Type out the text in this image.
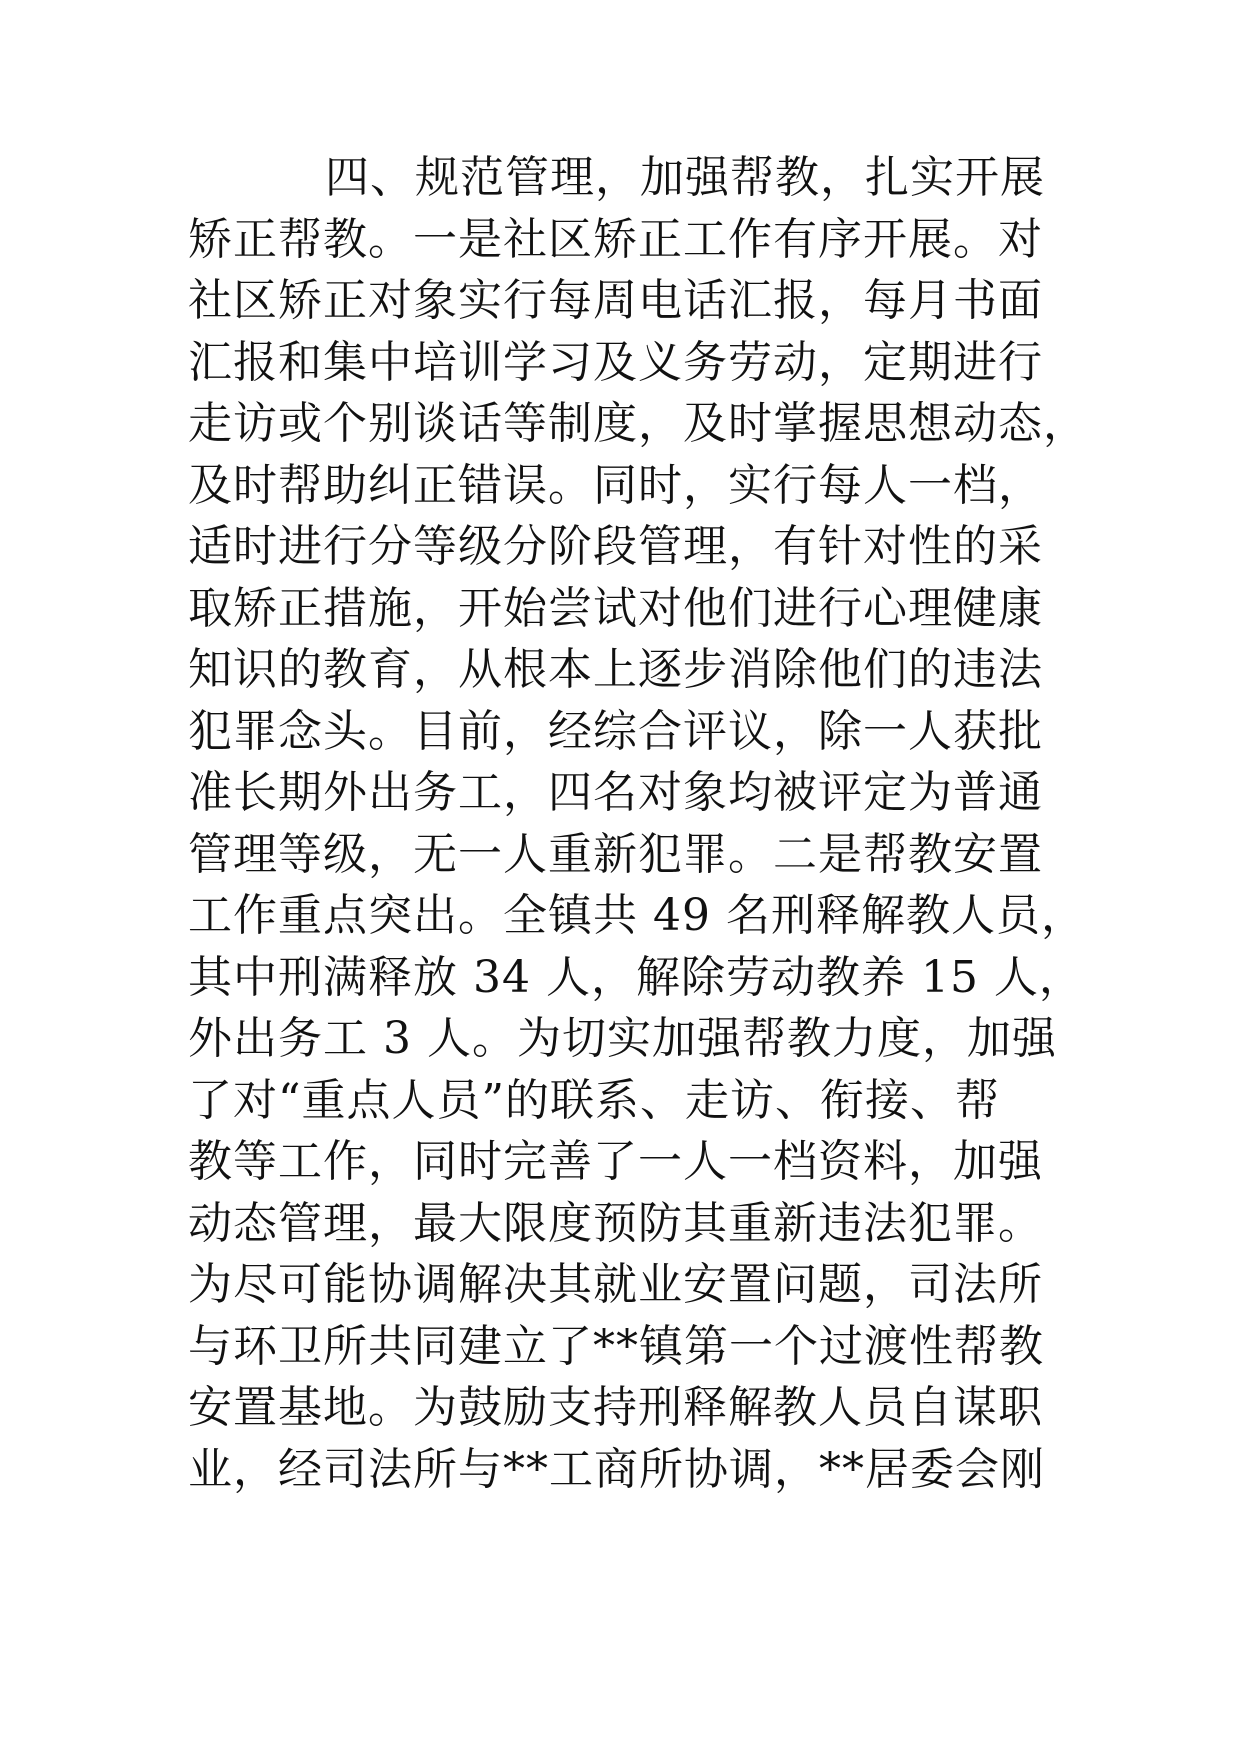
四、规范管理，加强帮教，扎实开展
矫正帮教。一是社区矫正工作有序开展。对
社区矫正对象实行每周电话汇报，每月书面
汇报和集中培训学习及义务劳动，定期进行
走访或个别谈话等制度，及时掌握思想动态，
及时帮助纠正错误。同时，实行每人一档，
适时进行分等级分阶段管理，有针对性的采
取矫正措施，开始尝试对他们进行心理健康
知识的教育，从根本上逐步消除他们的违法
犯罪念头。目前，经综合评议，除一人获批
准长期外出务工，四名对象均被评定为普通
管理等级，无一人重新犯罪。二是帮教安置
工作重点突出。全镇共 49 名刑释解教人员，
其中刑满释放 34 人，解除劳动教养 15 人，
外出务工 3 人。为切实加强帮教力度，加强
了对“重点人员”的联系、走访、衔接、帮
教等工作，同时完善了一人一档资料，加强
动态管理，最大限度预防其重新违法犯罪。
为尽可能协调解决其就业安置问题，司法所
与环卫所共同建立了**镇第一个过渡性帮教
安置基地。为鼓励支持刑释解教人员自谋职
业，经司法所与**工商所协调，**居委会刚
